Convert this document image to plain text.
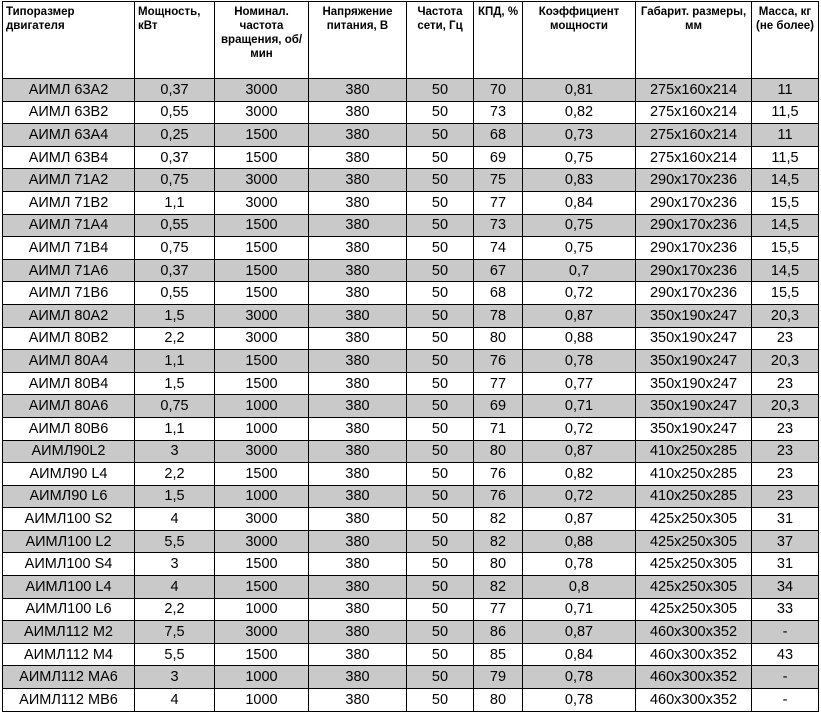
Типоразмер двигателя	Мощность, кВт	Номинал. частота вращения, об/мин	Напряжение питания, В	Частота сети, Гц	КПД, %	Коэффициент мощности	Габарит. размеры, мм	Масса, кг (не более)
АИМЛ 63А2	0,37	3000	380	50	70	0,81	275х160х214	11
АИМЛ 63В2	0,55	3000	380	50	73	0,82	275х160х214	11,5
АИМЛ 63А4	0,25	1500	380	50	68	0,73	275х160х214	11
АИМЛ 63В4	0,37	1500	380	50	69	0,75	275х160х214	11,5
АИМЛ 71А2	0,75	3000	380	50	75	0,83	290х170х236	14,5
АИМЛ 71В2	1,1	3000	380	50	77	0,84	290х170х236	15,5
АИМЛ 71А4	0,55	1500	380	50	73	0,75	290х170х236	14,5
АИМЛ 71В4	0,75	1500	380	50	74	0,75	290х170х236	15,5
АИМЛ 71А6	0,37	1500	380	50	67	0,7	290х170х236	14,5
АИМЛ 71В6	0,55	1500	380	50	68	0,72	290х170х236	15,5
АИМЛ 80А2	1,5	3000	380	50	78	0,87	350х190х247	20,3
АИМЛ 80В2	2,2	3000	380	50	80	0,88	350х190х247	23
АИМЛ 80А4	1,1	1500	380	50	76	0,78	350х190х247	20,3
АИМЛ 80В4	1,5	1500	380	50	77	0,77	350х190х247	23
АИМЛ 80А6	0,75	1000	380	50	69	0,71	350х190х247	20,3
АИМЛ 80В6	1,1	1000	380	50	71	0,72	350х190х247	23
АИМЛ90L2	3	3000	380	50	80	0,87	410х250х285	23
АИМЛ90 L4	2,2	1500	380	50	76	0,82	410х250х285	23
АИМЛ90 L6	1,5	1000	380	50	76	0,72	410х250х285	23
АИМЛ100 S2	4	3000	380	50	82	0,87	425х250х305	31
АИМЛ100 L2	5,5	3000	380	50	82	0,88	425х250х305	37
АИМЛ100 S4	3	1500	380	50	80	0,78	425х250х305	31
АИМЛ100 L4	4	1500	380	50	82	0,8	425х250х305	34
АИМЛ100 L6	2,2	1000	380	50	77	0,71	425х250х305	33
АИМЛ112 М2	7,5	3000	380	50	86	0,87	460х300х352	-
АИМЛ112 М4	5,5	1500	380	50	85	0,84	460х300х352	43
АИМЛ112 МА6	3	1000	380	50	79	0,78	460х300х352	-
АИМЛ112 МВ6	4	1000	380	50	80	0,78	460х300х352	-
